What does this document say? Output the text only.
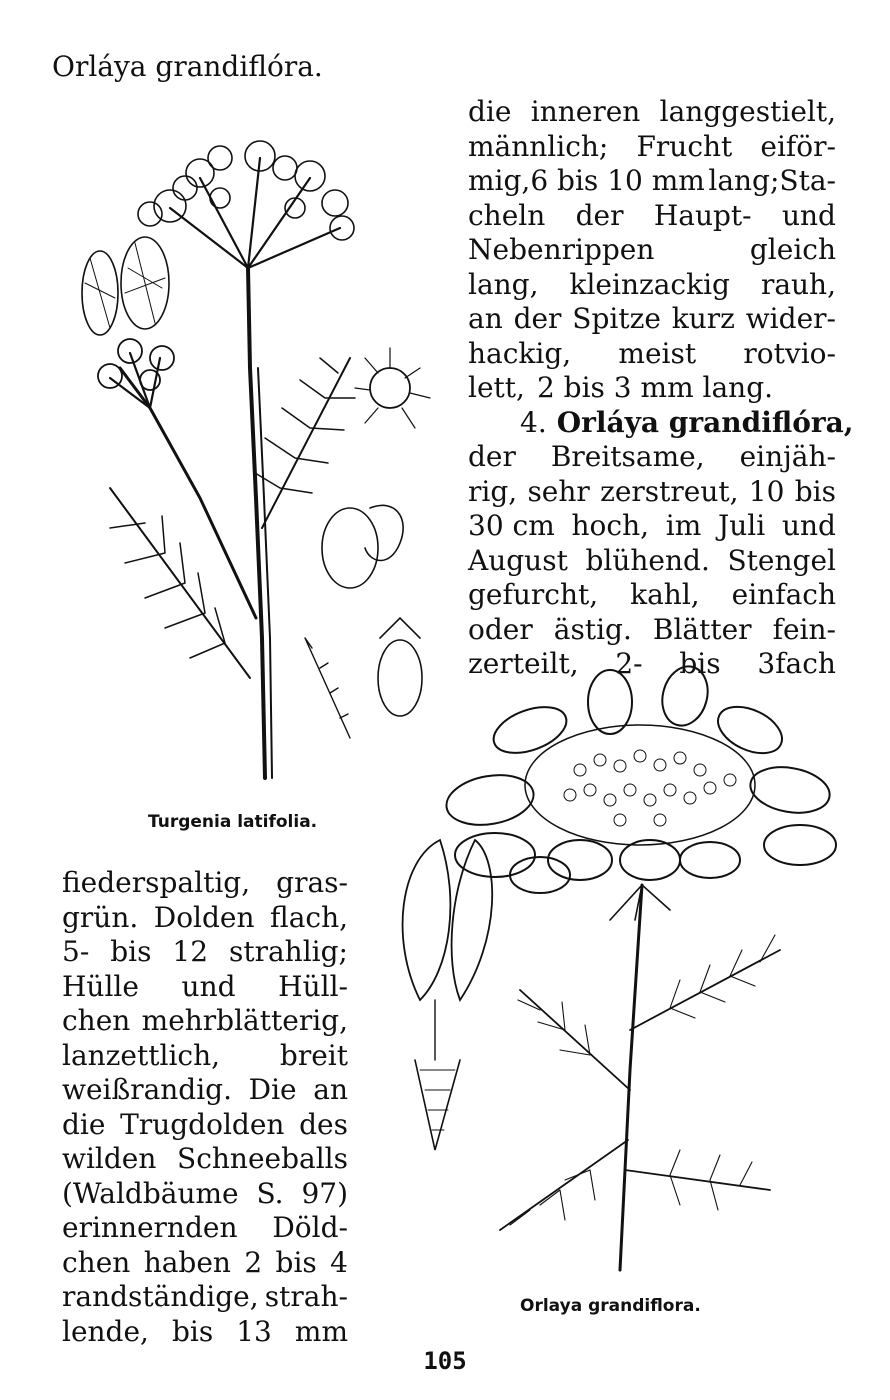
Orláya grandiflóra.
die inneren langgestielt,
männlich; Frucht eiför-
mig,6 bis 10 mm lang;Sta-
cheln der Haupt- und
Nebenrippen	gleich
lang, kleinzackig rauh,
an der Spitze kurz wider-
hackig, meist rotvio-
lett, 2 bis 3 mm lang.
4. Orláya grandiflóra,
der Breitsame, einjäh-
rig, sehr zerstreut, 10 bis
30 cm hoch, im Juli und
August blühend. Stengel
gefurcht, kahl, einfach
oder ästig. Blätter fein-
zerteilt, 2- bis 3fach
Turgenia latifolia.
fiederspaltig, gras-
grün. Dolden flach,
5- bis 12 strahlig;
Hülle und Hüll-
chen mehrblätterig,
lanzettlich, breit
weißrandig. Die an
die Trugdolden des
wilden Schneeballs
(Waldbäume S. 97)
erinnernden Döld-
chen haben 2 bis 4
randständige, strah-
lende, bis 13 mm
Orlaya grandiflora.
105
